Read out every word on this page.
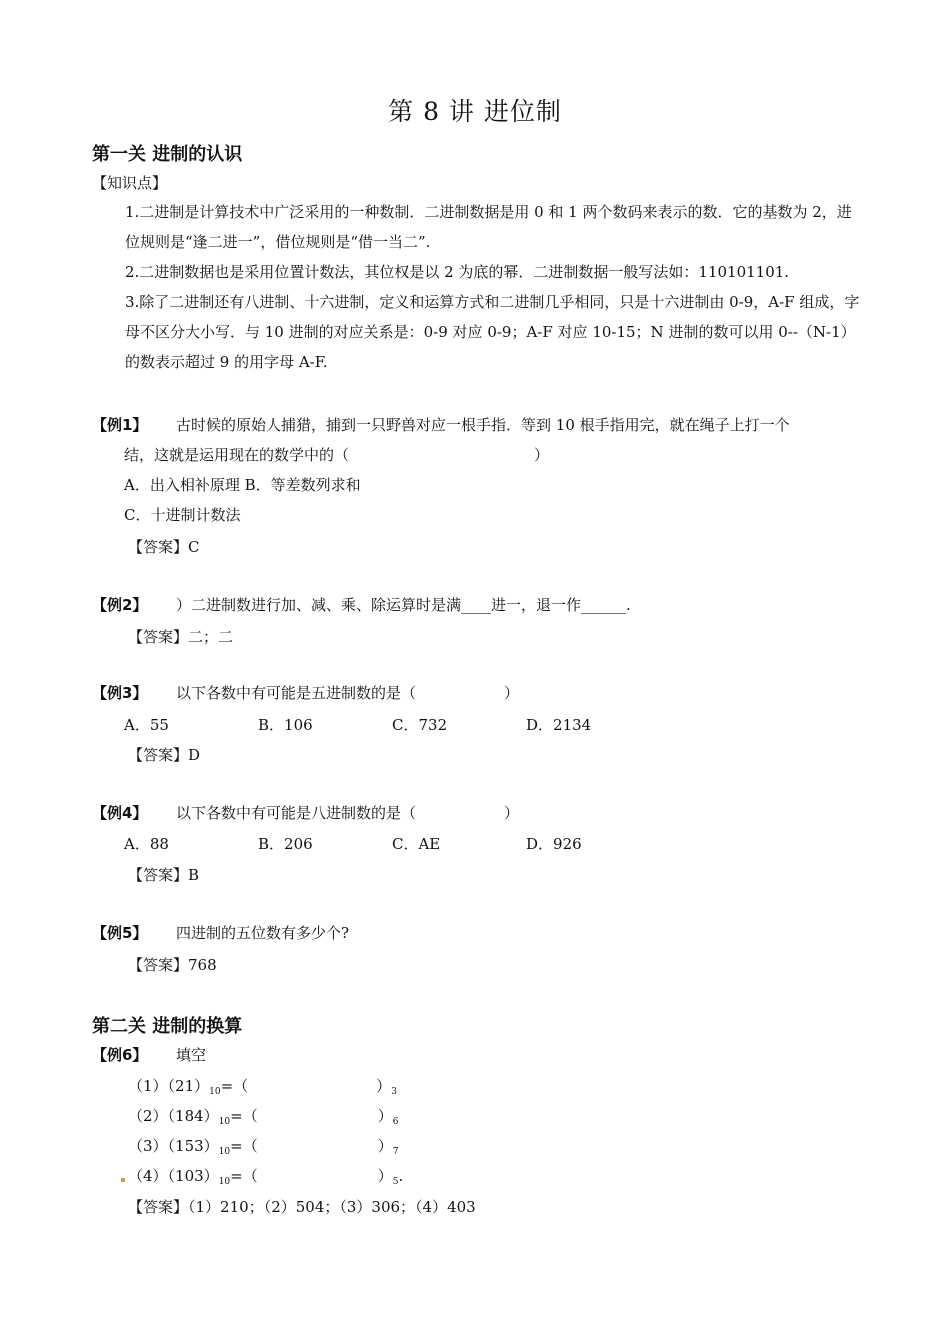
第 8 讲 进位制
第一关 进制的认识
【知识点】
1.二进制是计算技术中广泛采用的一种数制．二进制数据是用 0 和 1 两个数码来表示的数．它的基数为 2，进位规则是“逢二进一”，借位规则是“借一当二”.
2.二进制数据也是采用位置计数法，其位权是以 2 为底的幂．二进制数据一般写法如：110101101.
3.除了二进制还有八进制、十六进制，定义和运算方式和二进制几乎相同，只是十六进制由 0-9，A-F 组成，字母不区分大小写．与 10 进制的对应关系是：0-9 对应 0-9；A-F 对应 10-15；N 进制的数可以用 0--（N-1）的数表示超过 9 的用字母 A-F.
【例1】 古时候的原始人捕猎，捕到一只野兽对应一根手指．等到 10 根手指用完，就在绳子上打一个
结，这就是运用现在的数学中的（	）
A．出入相补原理 B．等差数列求和
C．十进制计数法
【答案】C
【例2】 ）二进制数进行加、减、乘、除运算时是满____进一，退一作______.
【答案】二；二
【例3】 以下各数中有可能是五进制数的是（	）
A．55	B．106	C．732	D．2134
【答案】D
【例4】 以下各数中有可能是八进制数的是（	）
A．88	B．206	C．AE	D．926
【答案】B
【例5】 四进制的五位数有多少个?
【答案】768
第二关 进制的换算
【例6】 填空
$(1)(21)_{10}=$（	）$_3$
$(2)(184)_{10}=$（	）$_6$
$(3)(153)_{10}=$（	）$_7$
$(4)(103)_{10}=$（	）$_5$.
【答案】（1）210；（2）504；（3）306；（4）403
